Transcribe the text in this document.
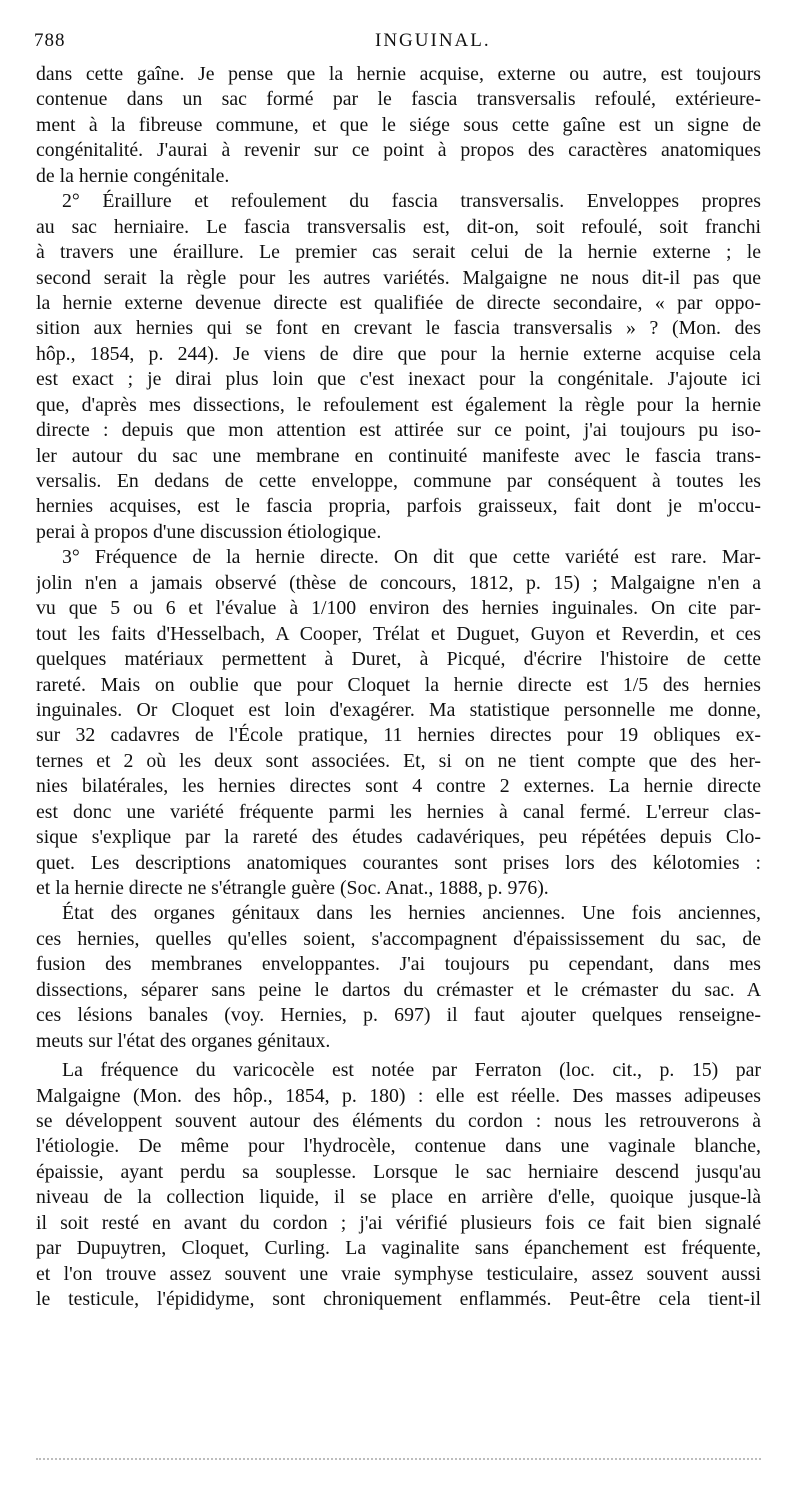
788	INGUINAL.
dans cette gaîne. Je pense que la hernie acquise, externe ou autre, est toujours
contenue dans un sac formé par le fascia transversalis refoulé, extérieure-
ment à la fibreuse commune, et que le siége sous cette gaîne est un signe de
congénitalité. J'aurai à revenir sur ce point à propos des caractères anatomiques
de la hernie congénitale.
2° Éraillure et refoulement du fascia transversalis. Enveloppes propres
au sac herniaire. Le fascia transversalis est, dit-on, soit refoulé, soit franchi
à travers une éraillure. Le premier cas serait celui de la hernie externe ; le
second serait la règle pour les autres variétés. Malgaigne ne nous dit-il pas que
la hernie externe devenue directe est qualifiée de directe secondaire, « par oppo-
sition aux hernies qui se font en crevant le fascia transversalis » ? (Mon. des
hôp., 1854, p. 244). Je viens de dire que pour la hernie externe acquise cela
est exact ; je dirai plus loin que c'est inexact pour la congénitale. J'ajoute ici
que, d'après mes dissections, le refoulement est également la règle pour la hernie
directe : depuis que mon attention est attirée sur ce point, j'ai toujours pu iso-
ler autour du sac une membrane en continuité manifeste avec le fascia trans-
versalis. En dedans de cette enveloppe, commune par conséquent à toutes les
hernies acquises, est le fascia propria, parfois graisseux, fait dont je m'occu-
perai à propos d'une discussion étiologique.
3° Fréquence de la hernie directe. On dit que cette variété est rare. Mar-
jolin n'en a jamais observé (thèse de concours, 1812, p. 15) ; Malgaigne n'en a
vu que 5 ou 6 et l'évalue à 1/100 environ des hernies inguinales. On cite par-
tout les faits d'Hesselbach, A Cooper, Trélat et Duguet, Guyon et Reverdin, et ces
quelques matériaux permettent à Duret, à Picqué, d'écrire l'histoire de cette
rareté. Mais on oublie que pour Cloquet la hernie directe est 1/5 des hernies
inguinales. Or Cloquet est loin d'exagérer. Ma statistique personnelle me donne,
sur 32 cadavres de l'École pratique, 11 hernies directes pour 19 obliques ex-
ternes et 2 où les deux sont associées. Et, si on ne tient compte que des her-
nies bilatérales, les hernies directes sont 4 contre 2 externes. La hernie directe
est donc une variété fréquente parmi les hernies à canal fermé. L'erreur clas-
sique s'explique par la rareté des études cadavériques, peu répétées depuis Clo-
quet. Les descriptions anatomiques courantes sont prises lors des kélotomies :
et la hernie directe ne s'étrangle guère (Soc. Anat., 1888, p. 976).
État des organes génitaux dans les hernies anciennes. Une fois anciennes,
ces hernies, quelles qu'elles soient, s'accompagnent d'épaississement du sac, de
fusion des membranes enveloppantes. J'ai toujours pu cependant, dans mes
dissections, séparer sans peine le dartos du crémaster et le crémaster du sac. A
ces lésions banales (voy. Hernies, p. 697) il faut ajouter quelques renseigne-
meuts sur l'état des organes génitaux.
La fréquence du varicocèle est notée par Ferraton (loc. cit., p. 15) par
Malgaigne (Mon. des hôp., 1854, p. 180) : elle est réelle. Des masses adipeuses
se développent souvent autour des éléments du cordon : nous les retrouverons à
l'étiologie. De même pour l'hydrocèle, contenue dans une vaginale blanche,
épaissie, ayant perdu sa souplesse. Lorsque le sac herniaire descend jusqu'au
niveau de la collection liquide, il se place en arrière d'elle, quoique jusque-là
il soit resté en avant du cordon ; j'ai vérifié plusieurs fois ce fait bien signalé
par Dupuytren, Cloquet, Curling. La vaginalite sans épanchement est fréquente,
et l'on trouve assez souvent une vraie symphyse testiculaire, assez souvent aussi
le testicule, l'épididyme, sont chroniquement enflammés. Peut-être cela tient-il
